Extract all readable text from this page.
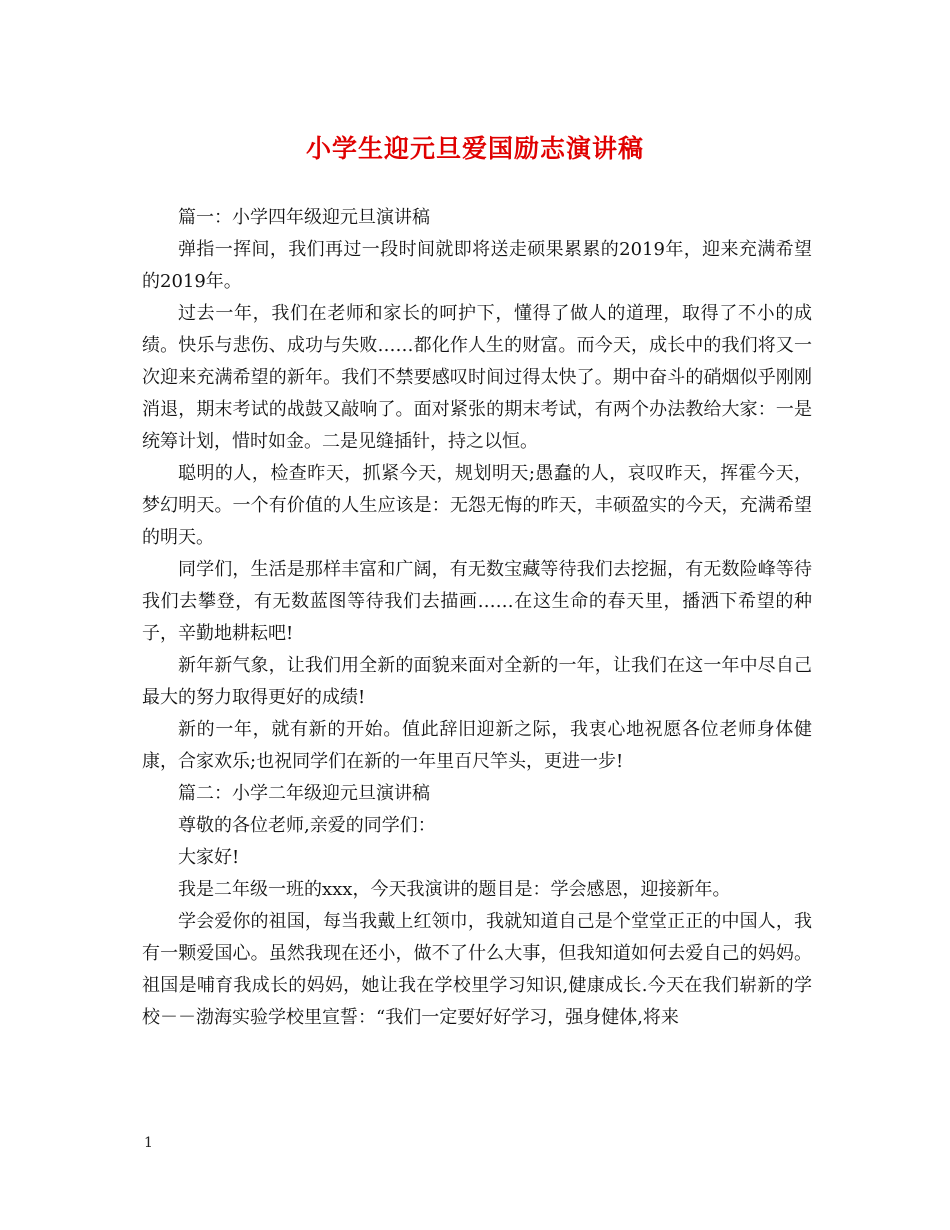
小学生迎元旦爱国励志演讲稿

篇一：小学四年级迎元旦演讲稿

弹指一挥间，我们再过一段时间就即将送走硕果累累的2019年，迎来充满希望的2019年。

过去一年，我们在老师和家长的呵护下，懂得了做人的道理，取得了不小的成绩。快乐与悲伤、成功与失败……都化作人生的财富。而今天，成长中的我们将又一次迎来充满希望的新年。我们不禁要感叹时间过得太快了。期中奋斗的硝烟似乎刚刚消退，期末考试的战鼓又敲响了。面对紧张的期末考试，有两个办法教给大家：一是统筹计划，惜时如金。二是见缝插针，持之以恒。

聪明的人，检查昨天，抓紧今天，规划明天;愚蠢的人，哀叹昨天，挥霍今天，梦幻明天。一个有价值的人生应该是：无怨无悔的昨天，丰硕盈实的今天，充满希望的明天。

同学们，生活是那样丰富和广阔，有无数宝藏等待我们去挖掘，有无数险峰等待我们去攀登，有无数蓝图等待我们去描画……在这生命的春天里，播洒下希望的种子，辛勤地耕耘吧!

新年新气象，让我们用全新的面貌来面对全新的一年，让我们在这一年中尽自己最大的努力取得更好的成绩!

新的一年，就有新的开始。值此辞旧迎新之际，我衷心地祝愿各位老师身体健康，合家欢乐;也祝同学们在新的一年里百尺竿头，更进一步!

篇二：小学二年级迎元旦演讲稿

尊敬的各位老师,亲爱的同学们：

大家好!

我是二年级一班的xxx，今天我演讲的题目是：学会感恩，迎接新年。

学会爱你的祖国，每当我戴上红领巾，我就知道自己是个堂堂正正的中国人，我有一颗爱国心。虽然我现在还小，做不了什么大事，但我知道如何去爱自己的妈妈。祖国是哺育我成长的妈妈，她让我在学校里学习知识,健康成长.今天在我们崭新的学校－－渤海实验学校里宣誓：“我们一定要好好学习，强身健体,将来

1
